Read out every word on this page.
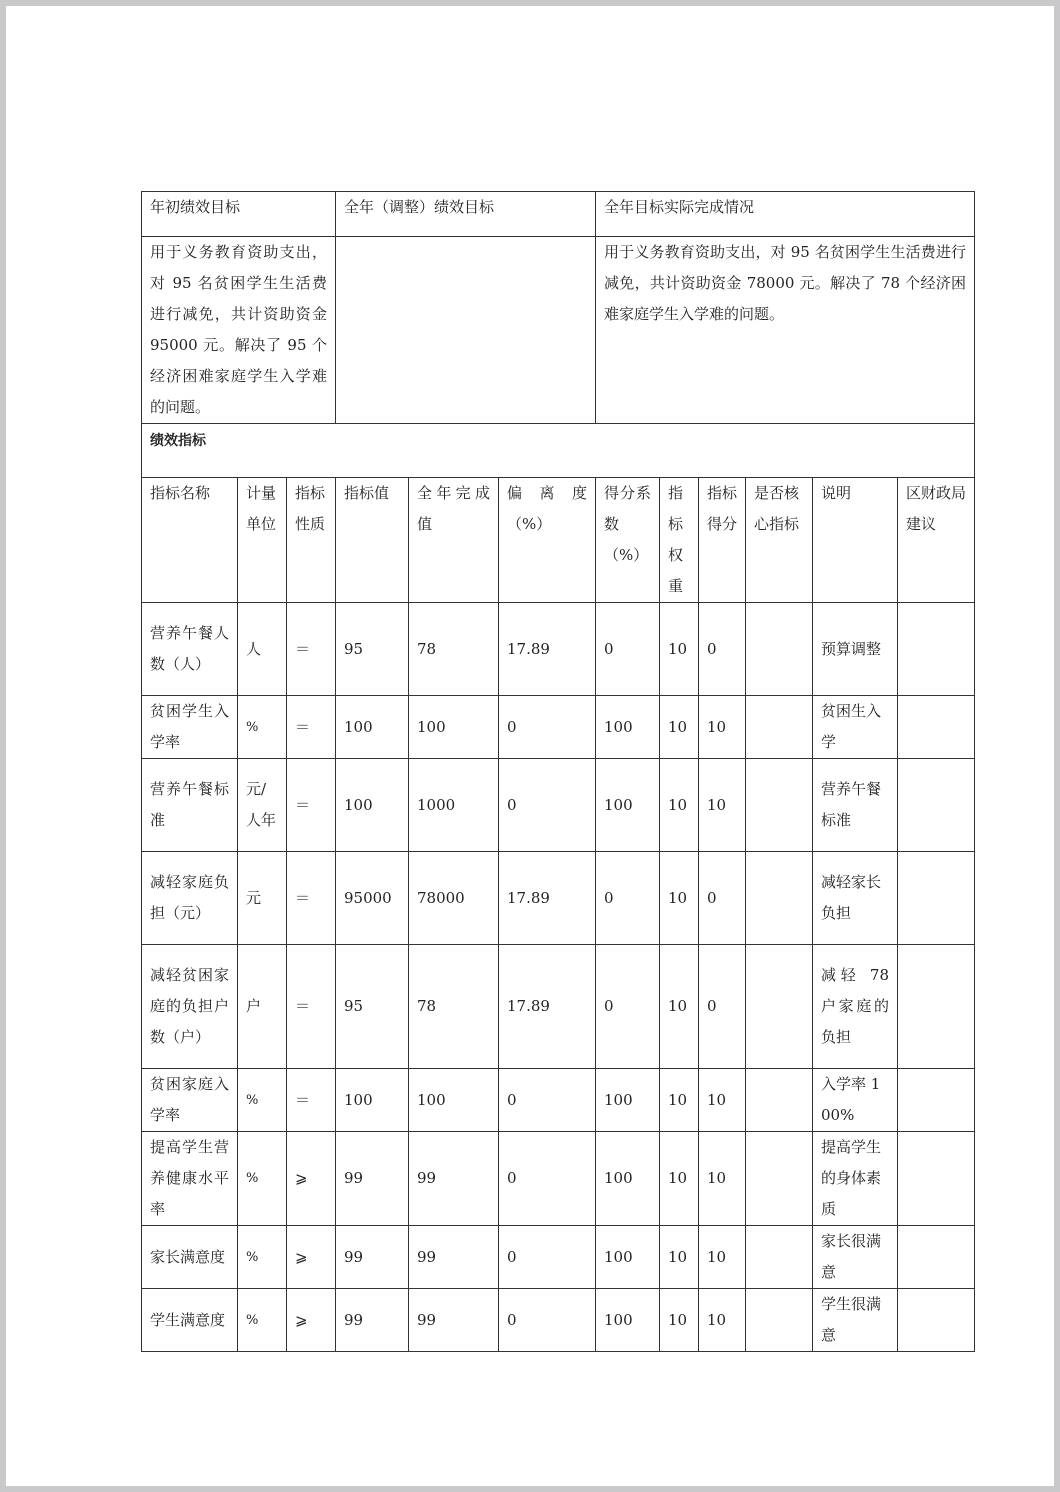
年初绩效目标			全年（调整）绩效目标			全年目标实际完成情况					
用于义务教育资助支出，对 95 名贫困学生生活费进行减免，共计资助资金 95000 元。解决了 95 个经济困难家庭学生入学难的问题。						用于义务教育资助支出，对 95 名贫困学生生活费进行减免，共计资助资金 78000 元。解决了 78 个经济困难家庭学生入学难的问题。					
绩效指标											
指标名称	计量单位	指标性质	指标值	全年完成值	偏离度（%）	得分系数（%）	指标权重	指标得分	是否核心指标	说明	区财政局建议
营养午餐人数（人）	人	＝	95	78	17.89	0	10	0		预算调整	
贫困学生入学率	%	＝	100	100	0	100	10	10		贫困生入学	
营养午餐标准	元/人年	＝	100	1000	0	100	10	10		营养午餐标准	
减轻家庭负担（元）	元	＝	95000	78000	17.89	0	10	0		减轻家长负担	
减轻贫困家庭的负担户数（户）	户	＝	95	78	17.89	0	10	0		减轻 78 户家庭的负担	
贫困家庭入学率	%	＝	100	100	0	100	10	10		入学率 100%	
提高学生营养健康水平率	%	⩾	99	99	0	100	10	10		提高学生的身体素质	
家长满意度	%	⩾	99	99	0	100	10	10		家长很满意	
学生满意度	%	⩾	99	99	0	100	10	10		学生很满意	
